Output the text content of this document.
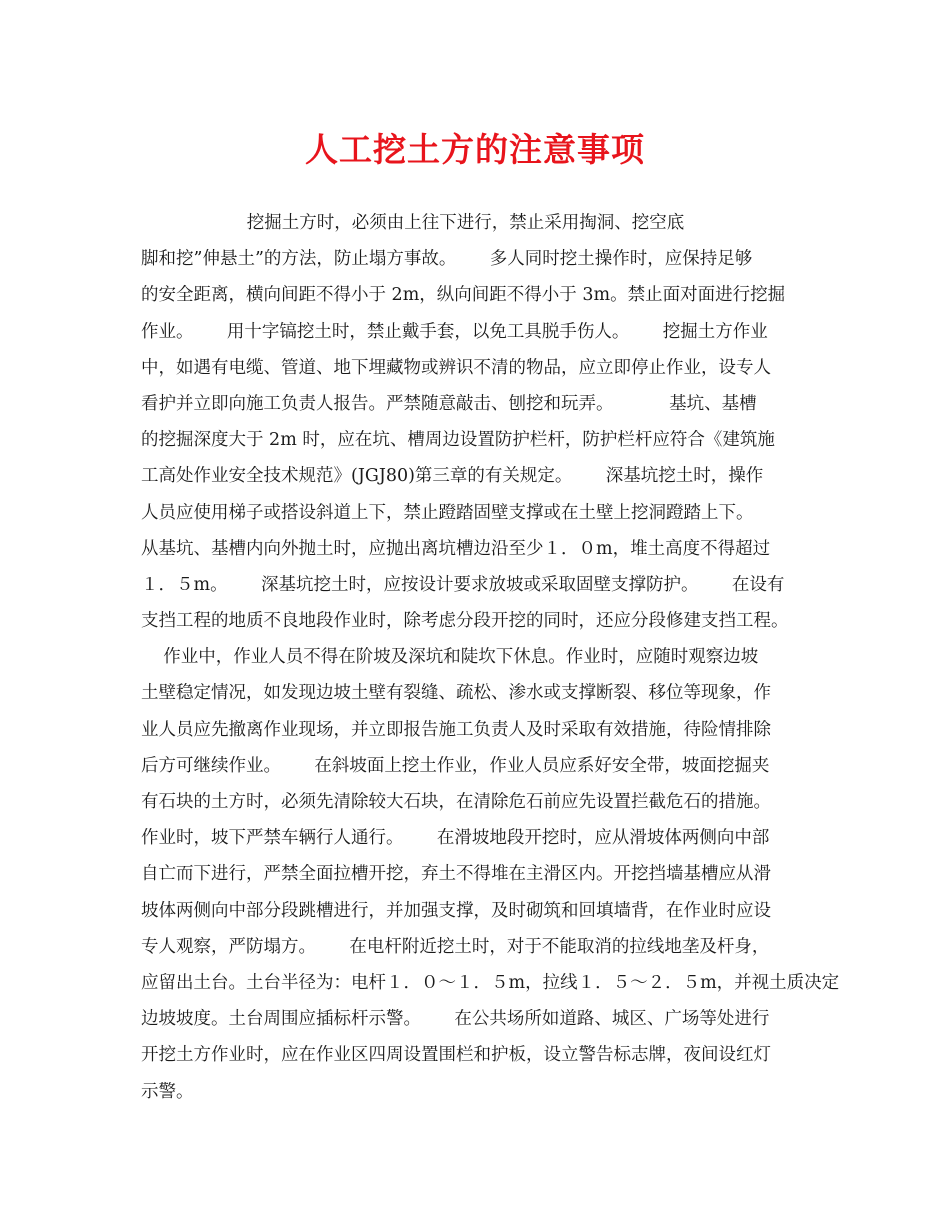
人工挖土方的注意事项
挖掘土方时，必须由上往下进行，禁止采用掏洞、挖空底
脚和挖”伸悬土”的方法，防止塌方事故。      多人同时挖土操作时，应保持足够
的安全距离，横向间距不得小于 2m，纵向间距不得小于 3m。禁止面对面进行挖掘
作业。      用十字镐挖土时，禁止戴手套，以免工具脱手伤人。      挖掘土方作业
中，如遇有电缆、管道、地下埋藏物或辨识不清的物品，应立即停止作业，设专人
看护并立即向施工负责人报告。严禁随意敲击、刨挖和玩弄。          基坑、基槽
的挖掘深度大于 2m 时，应在坑、槽周边设置防护栏杆，防护栏杆应符合《建筑施
工高处作业安全技术规范》(JGJ80)第三章的有关规定。      深基坑挖土时，操作
人员应使用梯子或搭设斜道上下，禁止蹬踏固壁支撑或在土壁上挖洞蹬踏上下。
从基坑、基槽内向外抛土时，应抛出离坑槽边沿至少１．０m，堆土高度不得超过
１．５m。      深基坑挖土时，应按设计要求放坡或采取固壁支撑防护。      在设有
支挡工程的地质不良地段作业时，除考虑分段开挖的同时，还应分段修建支挡工程。
作业中，作业人员不得在阶坡及深坑和陡坎下休息。作业时，应随时观察边坡
土壁稳定情况，如发现边坡土壁有裂缝、疏松、渗水或支撑断裂、移位等现象，作
业人员应先撤离作业现场，并立即报告施工负责人及时采取有效措施，待险情排除
后方可继续作业。      在斜坡面上挖土作业，作业人员应系好安全带，坡面挖掘夹
有石块的土方时，必须先清除较大石块，在清除危石前应先设置拦截危石的措施。
作业时，坡下严禁车辆行人通行。      在滑坡地段开挖时，应从滑坡体两侧向中部
自亡而下进行，严禁全面拉槽开挖，弃土不得堆在主滑区内。开挖挡墙基槽应从滑
坡体两侧向中部分段跳槽进行，并加强支撑，及时砌筑和回填墙背，在作业时应设
专人观察，严防塌方。      在电杆附近挖土时，对于不能取消的拉线地垄及杆身，
应留出土台。土台半径为：电杆１．０～１．５m，拉线１．５～２．５m，并视土质决定
边坡坡度。土台周围应插标杆示警。      在公共场所如道路、城区、广场等处进行
开挖土方作业时，应在作业区四周设置围栏和护板，设立警告标志牌，夜间设红灯
示警。
